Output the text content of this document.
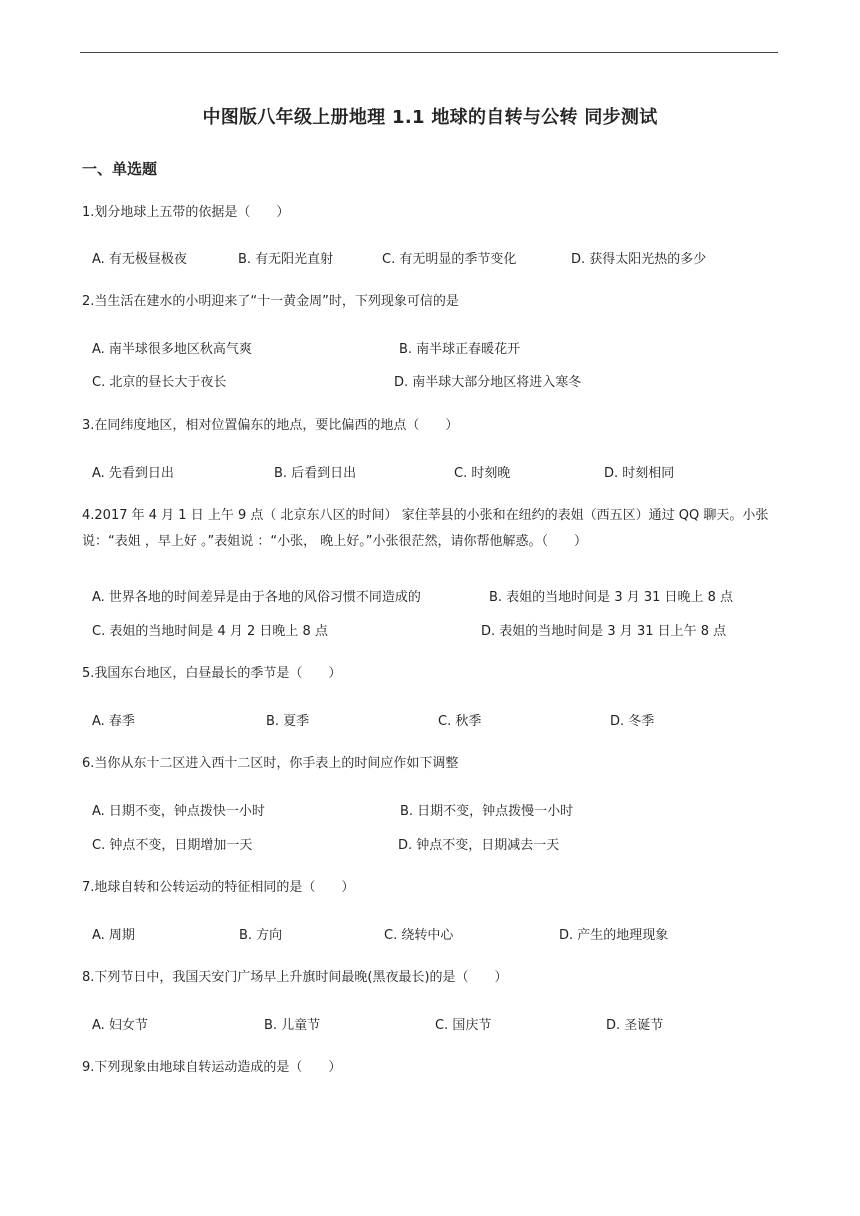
中图版八年级上册地理 1.1 地球的自转与公转 同步测试
一、单选题
1.划分地球上五带的依据是（　　）
A. 有无极昼极夜	B. 有无阳光直射	C. 有无明显的季节变化	D. 获得太阳光热的多少
2.当生活在建水的小明迎来了“十一黄金周”时，下列现象可信的是
A. 南半球很多地区秋高气爽	B. 南半球正春暖花开
C. 北京的昼长大于夜长	D. 南半球大部分地区将进入寒冬
3.在同纬度地区，相对位置偏东的地点，要比偏西的地点（　　）
A. 先看到日出	B. 后看到日出	C. 时刻晚	D. 时刻相同
4.2017 年 4 月 1 日 上午 9 点（ 北京东八区的时间） 家住莘县的小张和在纽约的表姐（西五区）通过 QQ 聊天。小张说：“表姐 ，早上好 。”表姐说 ：“小张， 晚上好。”小张很茫然，请你帮他解惑。（　　）
A. 世界各地的时间差异是由于各地的风俗习惯不同造成的	B. 表姐的当地时间是 3 月 31 日晚上 8 点
C. 表姐的当地时间是 4 月 2 日晚上 8 点	D. 表姐的当地时间是 3 月 31 日上午 8 点
5.我国东台地区，白昼最长的季节是（　　）
A. 春季	B. 夏季	C. 秋季	D. 冬季
6.当你从东十二区进入西十二区时，你手表上的时间应作如下调整
A. 日期不变，钟点拨快一小时	B. 日期不变，钟点拨慢一小时
C. 钟点不变，日期增加一天	D. 钟点不变，日期减去一天
7.地球自转和公转运动的特征相同的是（　　）
A. 周期	B. 方向	C. 绕转中心	D. 产生的地理现象
8.下列节日中，我国天安门广场早上升旗时间最晚(黑夜最长)的是（　　）
A. 妇女节	B. 儿童节	C. 国庆节	D. 圣诞节
9.下列现象由地球自转运动造成的是（　　）
